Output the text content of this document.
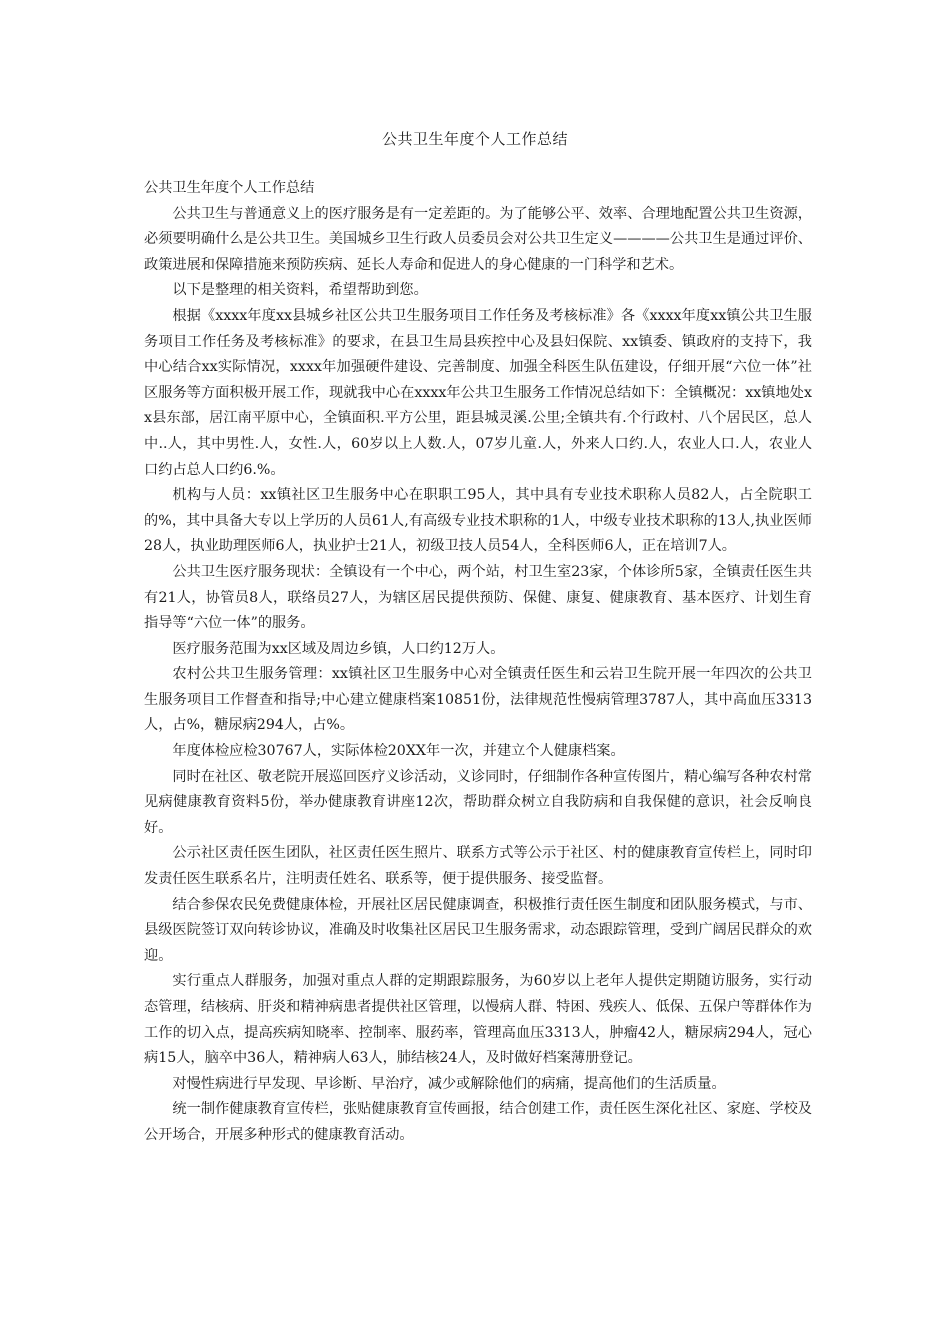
公共卫生年度个人工作总结

公共卫生年度个人工作总结

公共卫生与普通意义上的医疗服务是有一定差距的。为了能够公平、效率、合理地配置公共卫生资源，必须要明确什么是公共卫生。美国城乡卫生行政人员委员会对公共卫生定义————公共卫生是通过评价、政策进展和保障措施来预防疾病、延长人寿命和促进人的身心健康的一门科学和艺术。

以下是整理的相关资料，希望帮助到您。

根据《xxxx年度xx县城乡社区公共卫生服务项目工作任务及考核标准》各《xxxx年度xx镇公共卫生服务项目工作任务及考核标准》的要求，在县卫生局县疾控中心及县妇保院、xx镇委、镇政府的支持下，我中心结合xx实际情况，xxxx年加强硬件建设、完善制度、加强全科医生队伍建设，仔细开展“六位一体”社区服务等方面积极开展工作，现就我中心在xxxx年公共卫生服务工作情况总结如下：全镇概况：xx镇地处xx县东部，居江南平原中心，全镇面积.平方公里，距县城灵溪.公里;全镇共有.个行政村、八个居民区，总人中..人，其中男性.人，女性.人，60岁以上人数.人，07岁儿童.人，外来人口约.人，农业人口.人，农业人口约占总人口约6.%。

机构与人员：xx镇社区卫生服务中心在职职工95人，其中具有专业技术职称人员82人，占全院职工的%，其中具备大专以上学历的人员61人,有高级专业技术职称的1人，中级专业技术职称的13人,执业医师28人，执业助理医师6人，执业护士21人，初级卫技人员54人，全科医师6人，正在培训7人。

公共卫生医疗服务现状：全镇设有一个中心，两个站，村卫生室23家，个体诊所5家，全镇责任医生共有21人，协管员8人，联络员27人，为辖区居民提供预防、保健、康复、健康教育、基本医疗、计划生育指导等“六位一体”的服务。

医疗服务范围为xx区域及周边乡镇，人口约12万人。

农村公共卫生服务管理：xx镇社区卫生服务中心对全镇责任医生和云岩卫生院开展一年四次的公共卫生服务项目工作督查和指导;中心建立健康档案10851份，法律规范性慢病管理3787人，其中高血压3313人，占%，糖尿病294人，占%。

年度体检应检30767人，实际体检20XX年一次，并建立个人健康档案。

同时在社区、敬老院开展巡回医疗义诊活动，义诊同时，仔细制作各种宣传图片，精心编写各种农村常见病健康教育资料5份，举办健康教育讲座12次，帮助群众树立自我防病和自我保健的意识，社会反响良好。

公示社区责任医生团队，社区责任医生照片、联系方式等公示于社区、村的健康教育宣传栏上，同时印发责任医生联系名片，注明责任姓名、联系等，便于提供服务、接受监督。

结合参保农民免费健康体检，开展社区居民健康调查，积极推行责任医生制度和团队服务模式，与市、县级医院签订双向转诊协议，准确及时收集社区居民卫生服务需求，动态跟踪管理，受到广阔居民群众的欢迎。

实行重点人群服务，加强对重点人群的定期跟踪服务，为60岁以上老年人提供定期随访服务，实行动态管理，结核病、肝炎和精神病患者提供社区管理，以慢病人群、特困、残疾人、低保、五保户等群体作为工作的切入点，提高疾病知晓率、控制率、服药率，管理高血压3313人，肿瘤42人，糖尿病294人，冠心病15人，脑卒中36人，精神病人63人，肺结核24人，及时做好档案薄册登记。

对慢性病进行早发现、早诊断、早治疗，减少或解除他们的病痛，提高他们的生活质量。

统一制作健康教育宣传栏，张贴健康教育宣传画报，结合创建工作，责任医生深化社区、家庭、学校及公开场合，开展多种形式的健康教育活动。
